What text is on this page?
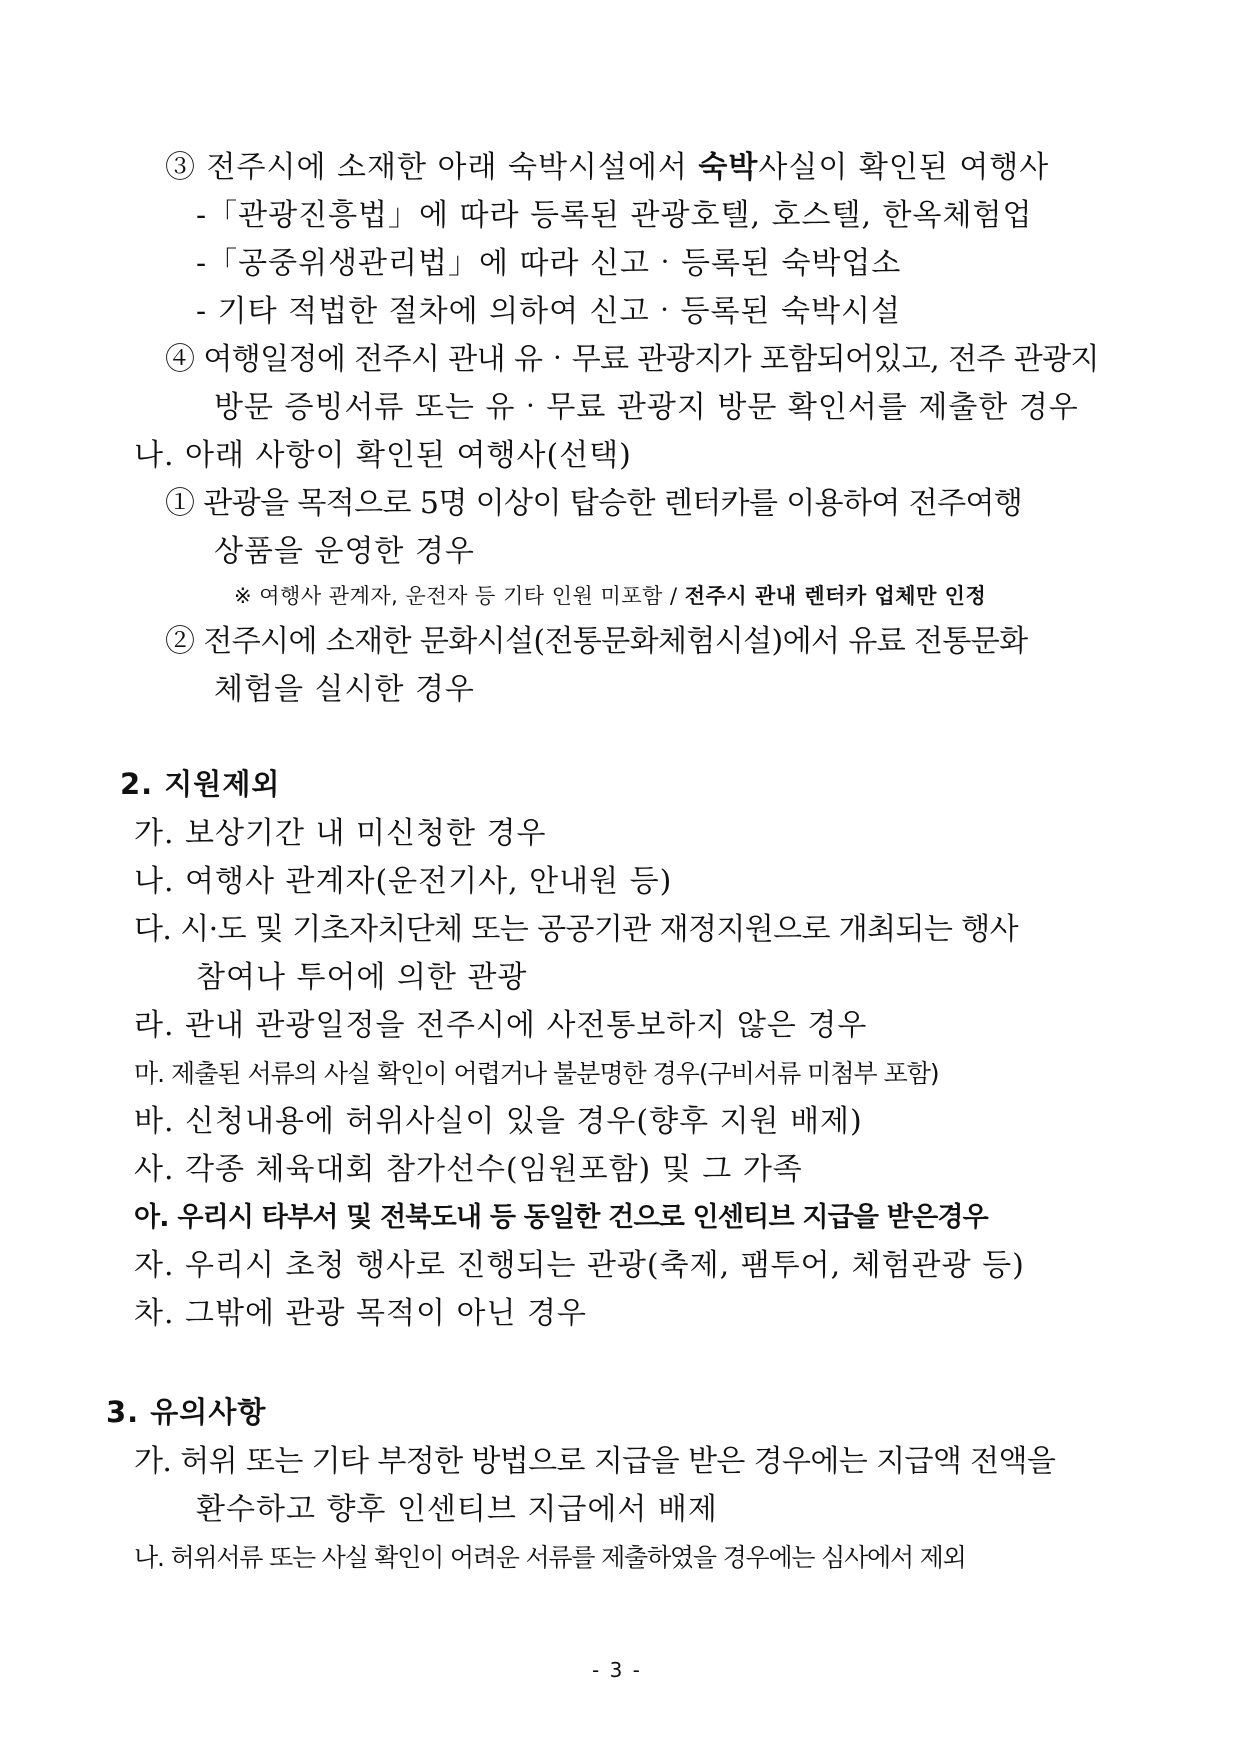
③ 전주시에 소재한 아래 숙박시설에서 숙박사실이 확인된 여행사
-「관광진흥법」에 따라 등록된 관광호텔, 호스텔, 한옥체험업
-「공중위생관리법」에 따라 신고‧등록된 숙박업소
- 기타 적법한 절차에 의하여 신고‧등록된 숙박시설
④ 여행일정에 전주시 관내 유‧무료 관광지가 포함되어있고, 전주 관광지
방문 증빙서류 또는 유‧무료 관광지 방문 확인서를 제출한 경우
나. 아래 사항이 확인된 여행사(선택)
① 관광을 목적으로 5명 이상이 탑승한 렌터카를 이용하여 전주여행
상품을 운영한 경우
※ 여행사 관계자, 운전자 등 기타 인원 미포함 / 전주시 관내 렌터카 업체만 인정
② 전주시에 소재한 문화시설(전통문화체험시설)에서 유료 전통문화
체험을 실시한 경우
2. 지원제외
가. 보상기간 내 미신청한 경우
나. 여행사 관계자(운전기사, 안내원 등)
다. 시·도 및 기초자치단체 또는 공공기관 재정지원으로 개최되는 행사
참여나 투어에 의한 관광
라. 관내 관광일정을 전주시에 사전통보하지 않은 경우
마. 제출된 서류의 사실 확인이 어렵거나 불분명한 경우(구비서류 미첨부 포함)
바. 신청내용에 허위사실이 있을 경우(향후 지원 배제)
사. 각종 체육대회 참가선수(임원포함) 및 그 가족
아. 우리시 타부서 및 전북도내 등 동일한 건으로 인센티브 지급을 받은경우
자. 우리시 초청 행사로 진행되는 관광(축제, 팸투어, 체험관광 등)
차. 그밖에 관광 목적이 아닌 경우
3. 유의사항
가. 허위 또는 기타 부정한 방법으로 지급을 받은 경우에는 지급액 전액을
환수하고 향후 인센티브 지급에서 배제
나. 허위서류 또는 사실 확인이 어려운 서류를 제출하였을 경우에는 심사에서 제외
- 3 -
